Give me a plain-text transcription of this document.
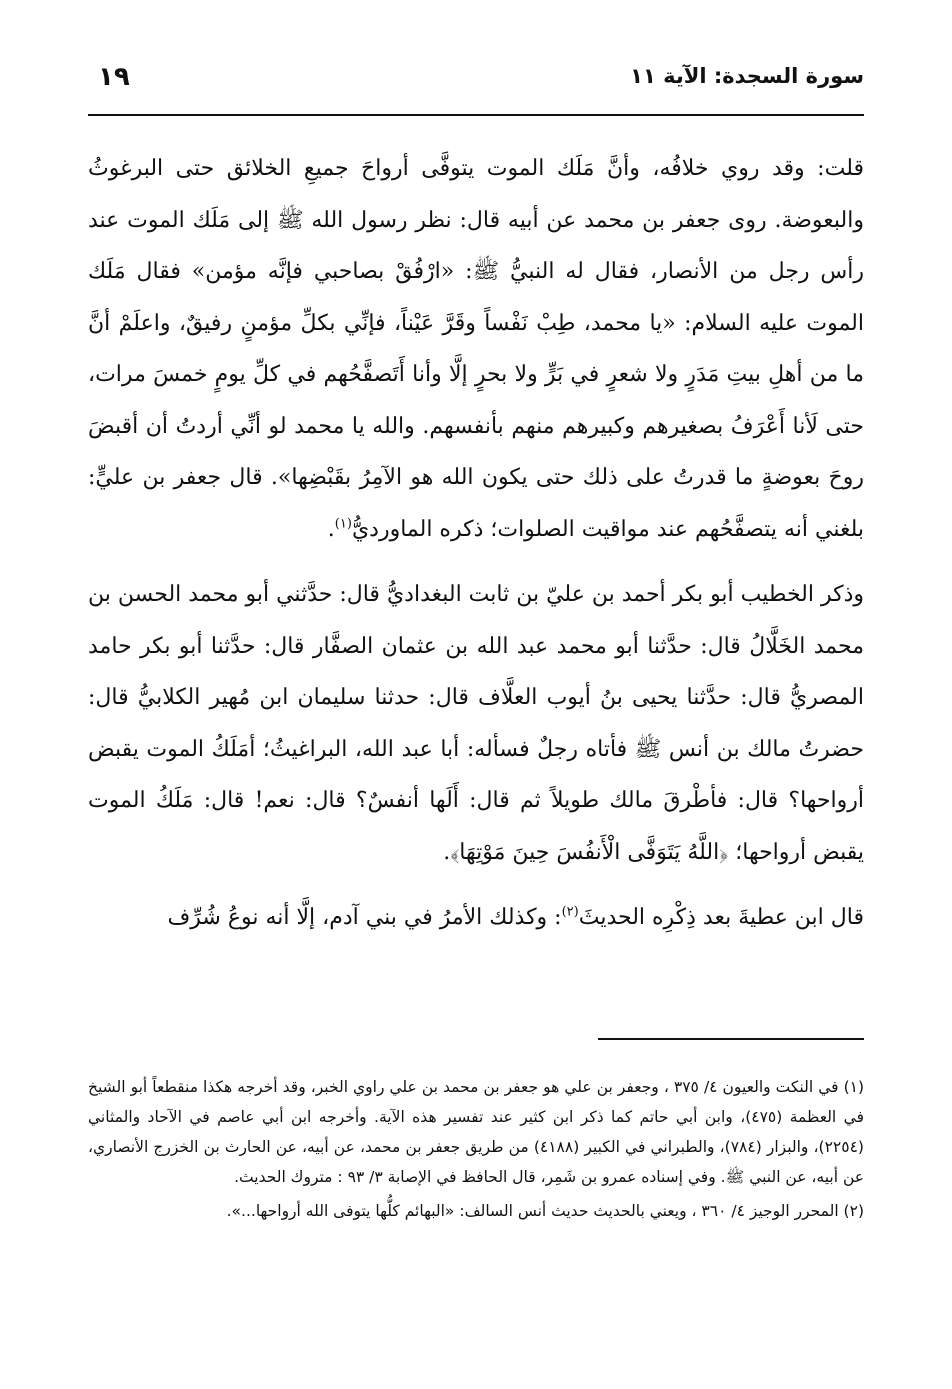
سورة السجدة: الآية ١١
١٩

قلت: وقد روي خلافُه، وأنَّ مَلَك الموت يتوفَّى أرواحَ جميعِ الخلائق حتى البرغوثُ والبعوضة. روى جعفر بن محمد عن أبيه قال: نظر رسول الله ﷺ إلى مَلَك الموت عند رأس رجل من الأنصار، فقال له النبيُّ ﷺ: «ارْفُقْ بصاحبي فإنَّه مؤمن» فقال مَلَك الموت عليه السلام: «يا محمد، طِبْ نَفْساً وقَرَّ عَيْناً، فإنِّي بكلِّ مؤمنٍ رفيقٌ، واعلَمْ أنَّ ما من أهلِ بيتِ مَدَرٍ ولا شعرٍ في بَرٍّ ولا بحرٍ إلَّا وأنا أَتَصفَّحُهم في كلِّ يومٍ خمسَ مرات، حتى لَأنا أَعْرَفُ بصغيرهم وكبيرهم منهم بأنفسهم. والله يا محمد لو أنِّي أردتُ أن أقبضَ روحَ بعوضةٍ ما قدرتُ على ذلك حتى يكون الله هو الآمِرُ بقَبْضِها». قال جعفر بن عليٍّ: بلغني أنه يتصفَّحُهم عند مواقيت الصلوات؛ ذكره الماورديُّ$^{(١)}$.

وذكر الخطيب أبو بكر أحمد بن عليّ بن ثابت البغداديُّ قال: حدَّثني أبو محمد الحسن بن محمد الخَلَّالُ قال: حدَّثنا أبو محمد عبد الله بن عثمان الصفَّار قال: حدَّثنا أبو بكر حامد المصريُّ قال: حدَّثنا يحيى بنُ أيوب العلَّاف قال: حدثنا سليمان ابن مُهير الكلابيُّ قال: حضرتُ مالك بن أنس ﷺ فأتاه رجلٌ فسأله: أبا عبد الله، البراغيثُ؛ أمَلَكُ الموت يقبض أرواحها؟ قال: فأطْرقَ مالك طويلاً ثم قال: أَلَها أنفسٌ؟ قال: نعم! قال: مَلَكُ الموت يقبض أرواحها؛ ﴿اللَّهُ يَتَوَفَّى الْأَنفُسَ حِينَ مَوْتِهَا﴾.

قال ابن عطيةَ بعد ذِكْرِه الحديثَ$^{(٢)}$: وكذلك الأمرُ في بني آدم، إلَّا أنه نوعُ شُرِّف

(١) في النكت والعيون ٤/ ٣٧٥ ، وجعفر بن علي هو جعفر بن محمد بن علي راوي الخبر، وقد أخرجه هكذا منقطعاً أبو الشيخ في العظمة (٤٧٥)، وابن أبي حاتم كما ذكر ابن كثير عند تفسير هذه الآية. وأخرجه ابن أبي عاصم في الآحاد والمثاني (٢٢٥٤)، والبزار (٧٨٤)، والطبراني في الكبير (٤١٨٨) من طريق جعفر بن محمد، عن أبيه، عن الحارث بن الخزرج الأنصاري، عن أبيه، عن النبي ﷺ. وفي إسناده عمرو بن شَمِر، قال الحافظ في الإصابة ٣/ ٩٣ : متروك الحديث.

(٢) المحرر الوجيز ٤/ ٣٦٠ ، ويعني بالحديث حديث أنس السالف: «البهائم كلُّها يتوفى الله أرواحها...».
